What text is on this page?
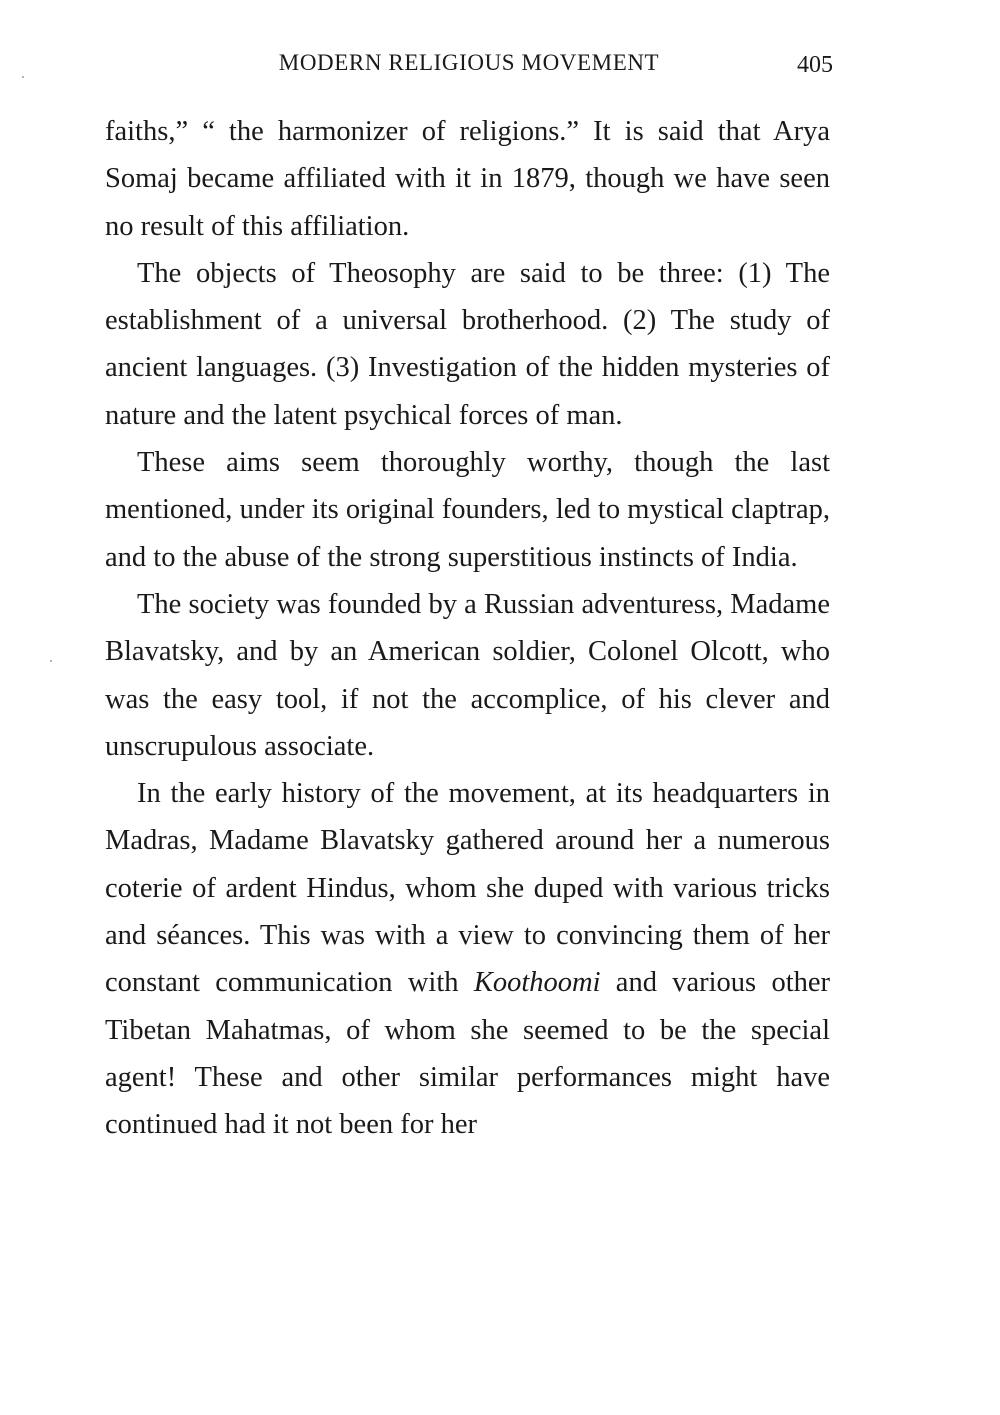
MODERN RELIGIOUS MOVEMENT	405

faiths,” “ the harmonizer of religions.” It is said that Arya Somaj became affiliated with it in 1879, though we have seen no result of this affiliation.

The objects of Theosophy are said to be three: (1) The establishment of a universal brotherhood. (2) The study of ancient languages. (3) Investigation of the hidden mysteries of nature and the latent psychical forces of man.

These aims seem thoroughly worthy, though the last mentioned, under its original founders, led to mystical claptrap, and to the abuse of the strong superstitious instincts of India.

The society was founded by a Russian adventuress, Madame Blavatsky, and by an American soldier, Colonel Olcott, who was the easy tool, if not the accomplice, of his clever and unscrupulous associate.

In the early history of the movement, at its headquarters in Madras, Madame Blavatsky gathered around her a numerous coterie of ardent Hindus, whom she duped with various tricks and séances. This was with a view to convincing them of her constant communication with Koothoomi and various other Tibetan Mahatmas, of whom she seemed to be the special agent! These and other similar performances might have continued had it not been for her
